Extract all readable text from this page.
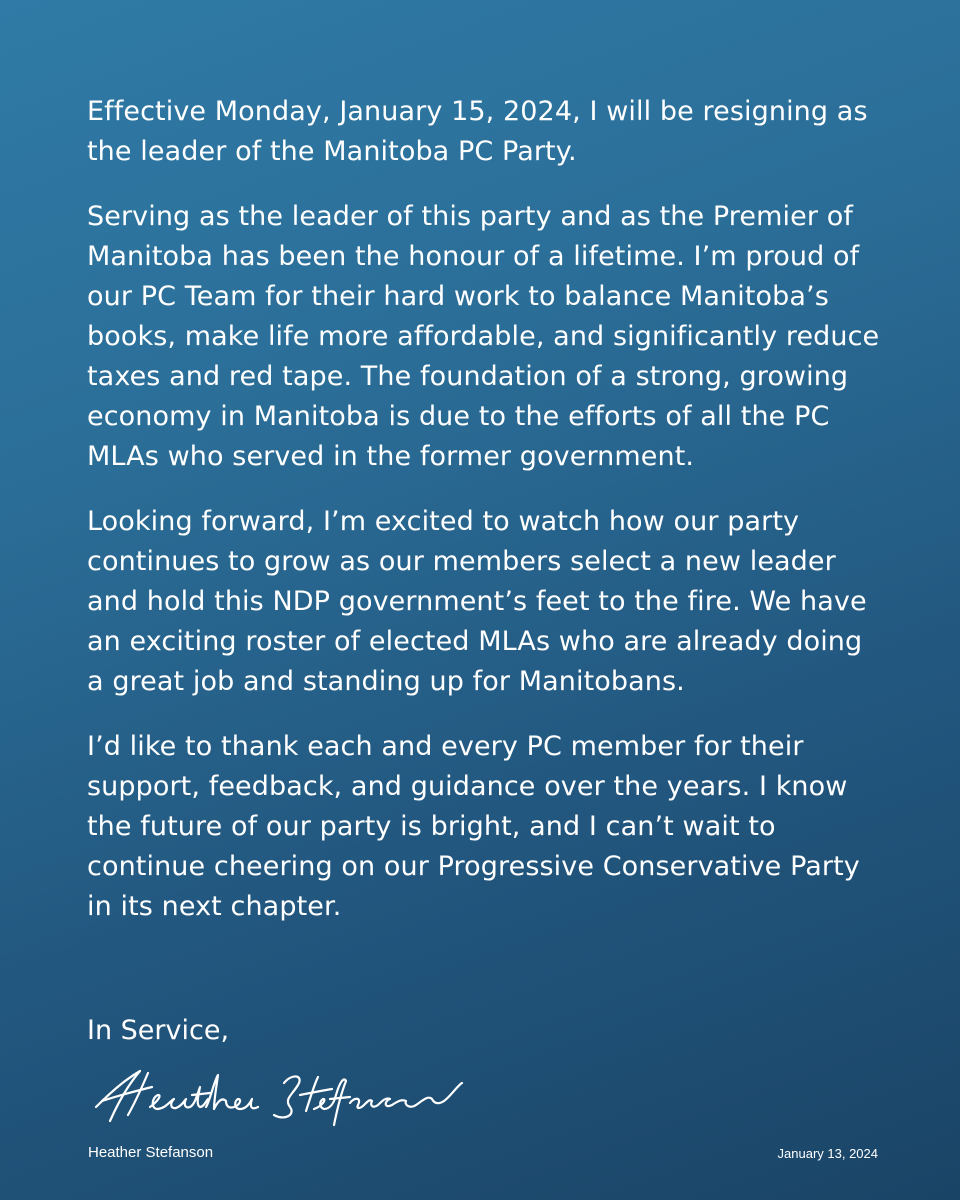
Effective Monday, January 15, 2024, I will be resigning as the leader of the Manitoba PC Party.

Serving as the leader of this party and as the Premier of Manitoba has been the honour of a lifetime. I’m proud of our PC Team for their hard work to balance Manitoba’s books, make life more affordable, and significantly reduce taxes and red tape. The foundation of a strong, growing economy in Manitoba is due to the efforts of all the PC MLAs who served in the former government.

Looking forward, I’m excited to watch how our party continues to grow as our members select a new leader and hold this NDP government’s feet to the fire. We have an exciting roster of elected MLAs who are already doing a great job and standing up for Manitobans.

I’d like to thank each and every PC member for their support, feedback, and guidance over the years. I know the future of our party is bright, and I can’t wait to continue cheering on our Progressive Conservative Party in its next chapter.

In Service,

Heather Stefanson	January 13, 2024
